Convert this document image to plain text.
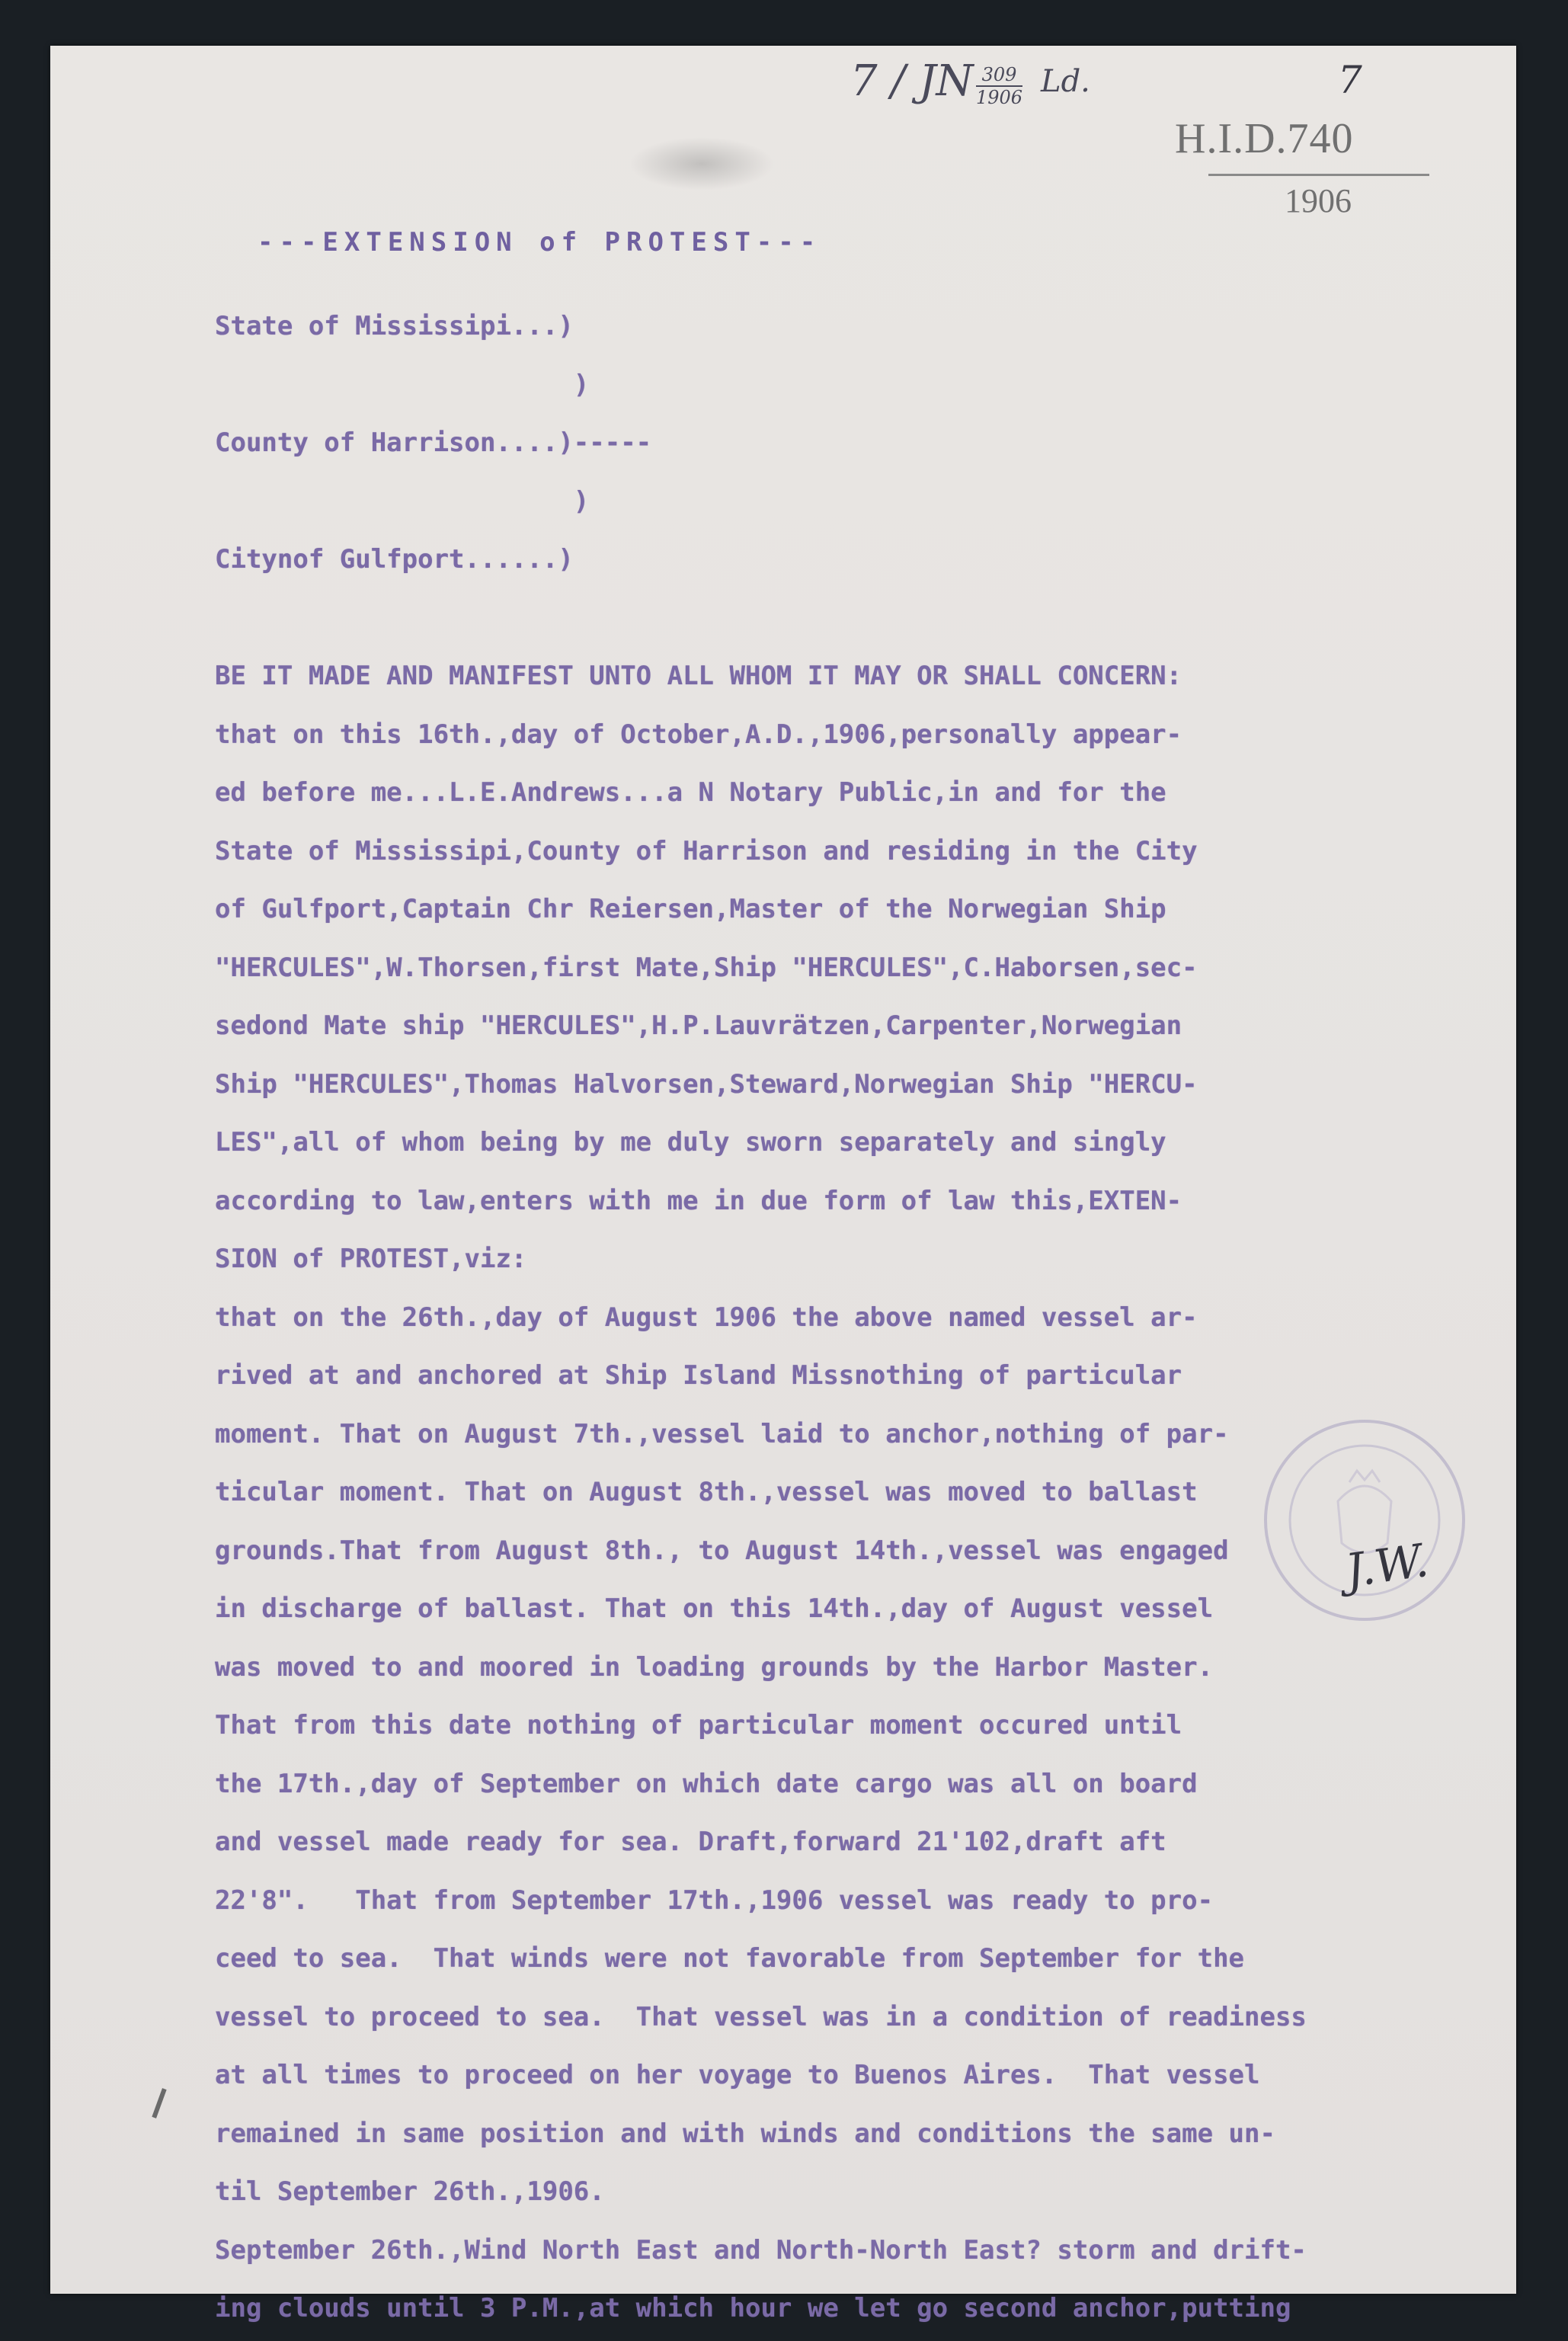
7 / JN $\frac{309}{1906} Ld$.
H.I.D.740
7
1906
---EXTENSION of PROTEST---
State of Mississipi...)
)
County of Harrison....)-----
)
Citynof Gulfport......)
BE IT MADE AND MANIFEST UNTO ALL WHOM IT MAY OR SHALL CONCERN:
that on this 16th.,day of October,A.D.,1906,personally appear-
ed before me...L.E.Andrews...a N Notary Public,in and for the
State of Mississipi,County of Harrison and residing in the City
of Gulfport,Captain Chr Reiersen,Master of the Norwegian Ship
"HERCULES",W.Thorsen,first Mate,Ship "HERCULES",C.Haborsen,sec-
sedond Mate ship "HERCULES",H.P.Lauvrätzen,Carpenter,Norwegian
Ship "HERCULES",Thomas Halvorsen,Steward,Norwegian Ship "HERCU-
LES",all of whom being by me duly sworn separately and singly
according to law,enters with me in due form of law this,EXTEN-
SION of PROTEST,viz:
that on the 26th.,day of August 1906 the above named vessel ar-
rived at and anchored at Ship Island Missnothing of particular
moment. That on August 7th.,vessel laid to anchor,nothing of par-
ticular moment. That on August 8th.,vessel was moved to ballast
grounds.That from August 8th., to August 14th.,vessel was engaged
in discharge of ballast. That on this 14th.,day of August vessel
was moved to and moored in loading grounds by the Harbor Master.
That from this date nothing of particular moment occured until
the 17th.,day of September on which date cargo was all on board
and vessel made ready for sea. Draft,forward 21'102,draft aft
22'8".   That from September 17th.,1906 vessel was ready to pro-
ceed to sea.  That winds were not favorable from September for the
vessel to proceed to sea.  That vessel was in a condition of readiness
at all times to proceed on her voyage to Buenos Aires.  That vessel
remained in same position and with winds and conditions the same un-
til September 26th.,1906.
September 26th.,Wind North East and North-North East? storm and drift-
ing clouds until 3 P.M.,at which hour we let go second anchor,putting
J.W.
